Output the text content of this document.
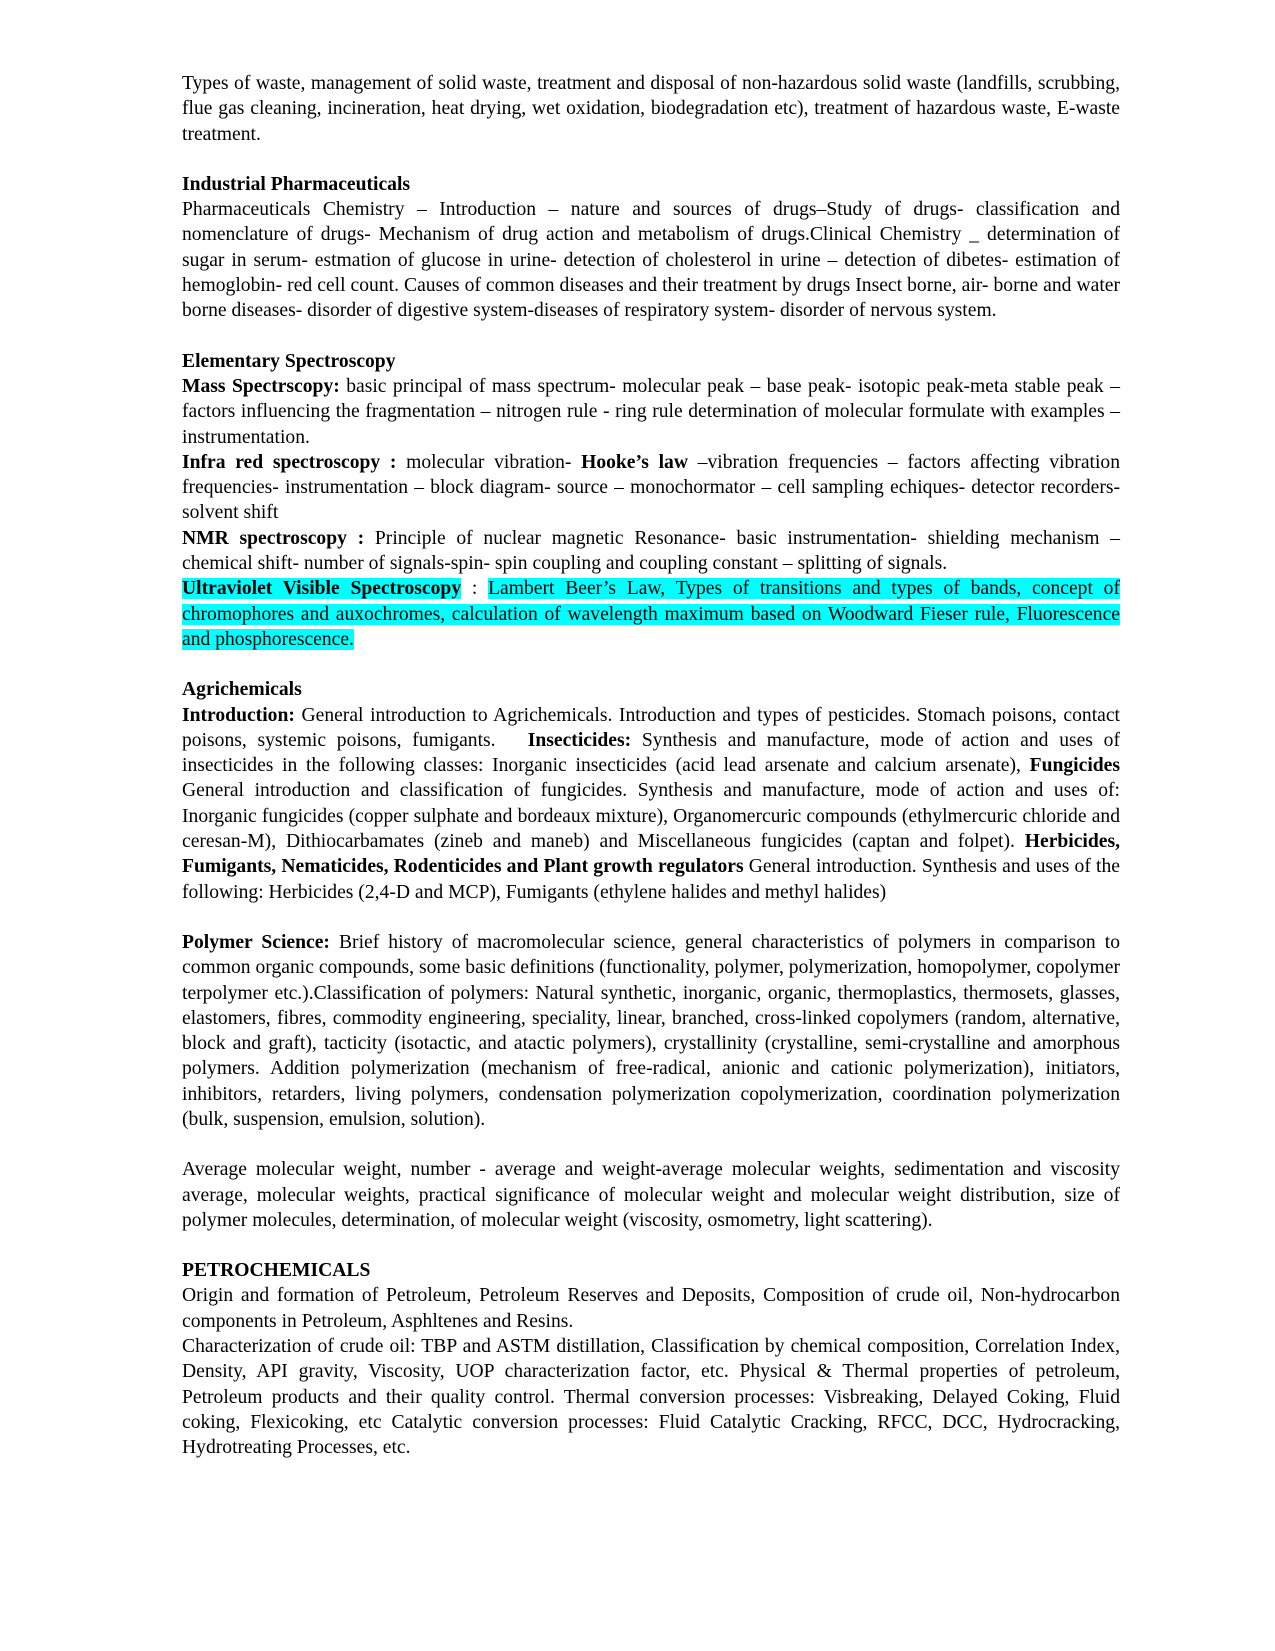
Types of waste, management of solid waste, treatment and disposal of non-hazardous solid waste (landfills, scrubbing, flue gas cleaning, incineration, heat drying, wet oxidation, biodegradation etc), treatment of hazardous waste, E-waste treatment.

Industrial Pharmaceuticals

Pharmaceuticals Chemistry – Introduction – nature and sources of drugs–Study of drugs- classification and nomenclature of drugs- Mechanism of drug action and metabolism of drugs.Clinical Chemistry _ determination of sugar in serum- estmation of glucose in urine- detection of cholesterol in urine – detection of dibetes- estimation of hemoglobin- red cell count. Causes of common diseases and their treatment by drugs Insect borne, air- borne and water borne diseases- disorder of digestive system-diseases of respiratory system- disorder of nervous system.

Elementary Spectroscopy

Mass Spectrscopy: basic principal of mass spectrum- molecular peak – base peak- isotopic peak-meta stable peak – factors influencing the fragmentation – nitrogen rule - ring rule determination of molecular formulate with examples – instrumentation.

Infra red spectroscopy : molecular vibration- Hooke’s law –vibration frequencies – factors affecting vibration frequencies- instrumentation – block diagram- source – monochormator – cell sampling echiques- detector recorders- solvent shift

NMR spectroscopy : Principle of nuclear magnetic Resonance- basic instrumentation- shielding mechanism – chemical shift- number of signals-spin- spin coupling and coupling constant – splitting of signals.

Ultraviolet Visible Spectroscopy : Lambert Beer’s Law, Types of transitions and types of bands, concept of chromophores and auxochromes, calculation of wavelength maximum based on Woodward Fieser rule, Fluorescence and phosphorescence.

Agrichemicals

Introduction: General introduction to Agrichemicals. Introduction and types of pesticides. Stomach poisons, contact poisons, systemic poisons, fumigants.   Insecticides: Synthesis and manufacture, mode of action and uses of insecticides in the following classes: Inorganic insecticides (acid lead arsenate and calcium arsenate), Fungicides General introduction and classification of fungicides. Synthesis and manufacture, mode of action and uses of: Inorganic fungicides (copper sulphate and bordeaux mixture), Organomercuric compounds (ethylmercuric chloride and ceresan-M), Dithiocarbamates (zineb and maneb) and Miscellaneous fungicides (captan and folpet). Herbicides, Fumigants, Nematicides, Rodenticides and Plant growth regulators General introduction. Synthesis and uses of the following: Herbicides (2,4-D and MCP), Fumigants (ethylene halides and methyl halides)

Polymer Science: Brief history of macromolecular science, general characteristics of polymers in comparison to common organic compounds, some basic definitions (functionality, polymer, polymerization, homopolymer, copolymer terpolymer etc.).Classification of polymers: Natural synthetic, inorganic, organic, thermoplastics, thermosets, glasses, elastomers, fibres, commodity engineering, speciality, linear, branched, cross-linked copolymers (random, alternative, block and graft), tacticity (isotactic, and atactic polymers), crystallinity (crystalline, semi-crystalline and amorphous polymers. Addition polymerization (mechanism of free-radical, anionic and cationic polymerization), initiators, inhibitors, retarders, living polymers, condensation polymerization copolymerization, coordination polymerization (bulk, suspension, emulsion, solution).

Average molecular weight, number - average and weight-average molecular weights, sedimentation and viscosity average, molecular weights, practical significance of molecular weight and molecular weight distribution, size of polymer molecules, determination, of molecular weight (viscosity, osmometry, light scattering).

PETROCHEMICALS

Origin and formation of Petroleum, Petroleum Reserves and Deposits, Composition of crude oil, Non-hydrocarbon components in Petroleum, Asphltenes and Resins.

Characterization of crude oil: TBP and ASTM distillation, Classification by chemical composition, Correlation Index, Density, API gravity, Viscosity, UOP characterization factor, etc. Physical & Thermal properties of petroleum, Petroleum products and their quality control. Thermal conversion processes: Visbreaking, Delayed Coking, Fluid coking, Flexicoking, etc Catalytic conversion processes: Fluid Catalytic Cracking, RFCC, DCC, Hydrocracking, Hydrotreating Processes, etc.
